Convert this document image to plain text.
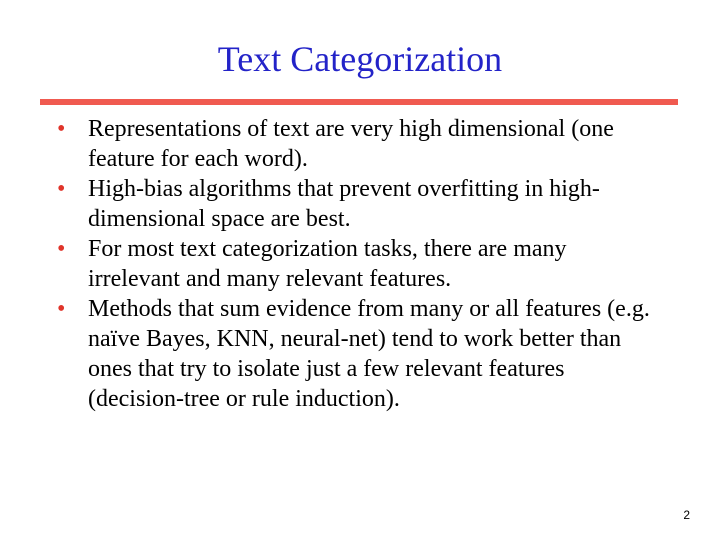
Text Categorization
• Representations of text are very high dimensional (one feature for each word).
• High-bias algorithms that prevent overfitting in high-dimensional space are best.
• For most text categorization tasks, there are many irrelevant and many relevant features.
• Methods that sum evidence from many or all features (e.g. naïve Bayes, KNN, neural-net) tend to work better than ones that try to isolate just a few relevant features (decision-tree or rule induction).
2
